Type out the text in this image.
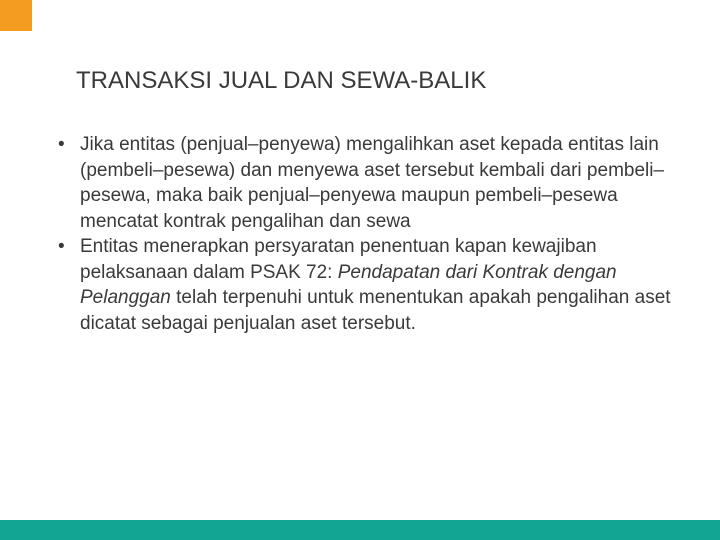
TRANSAKSI JUAL DAN SEWA-BALIK
• Jika entitas (penjual–penyewa) mengalihkan aset kepada entitas lain (pembeli–pesewa) dan menyewa aset tersebut kembali dari pembeli–pesewa, maka baik penjual–penyewa maupun pembeli–pesewa mencatat kontrak pengalihan dan sewa
• Entitas menerapkan persyaratan penentuan kapan kewajiban pelaksanaan dalam PSAK 72: Pendapatan dari Kontrak dengan Pelanggan telah terpenuhi untuk menentukan apakah pengalihan aset dicatat sebagai penjualan aset tersebut.
